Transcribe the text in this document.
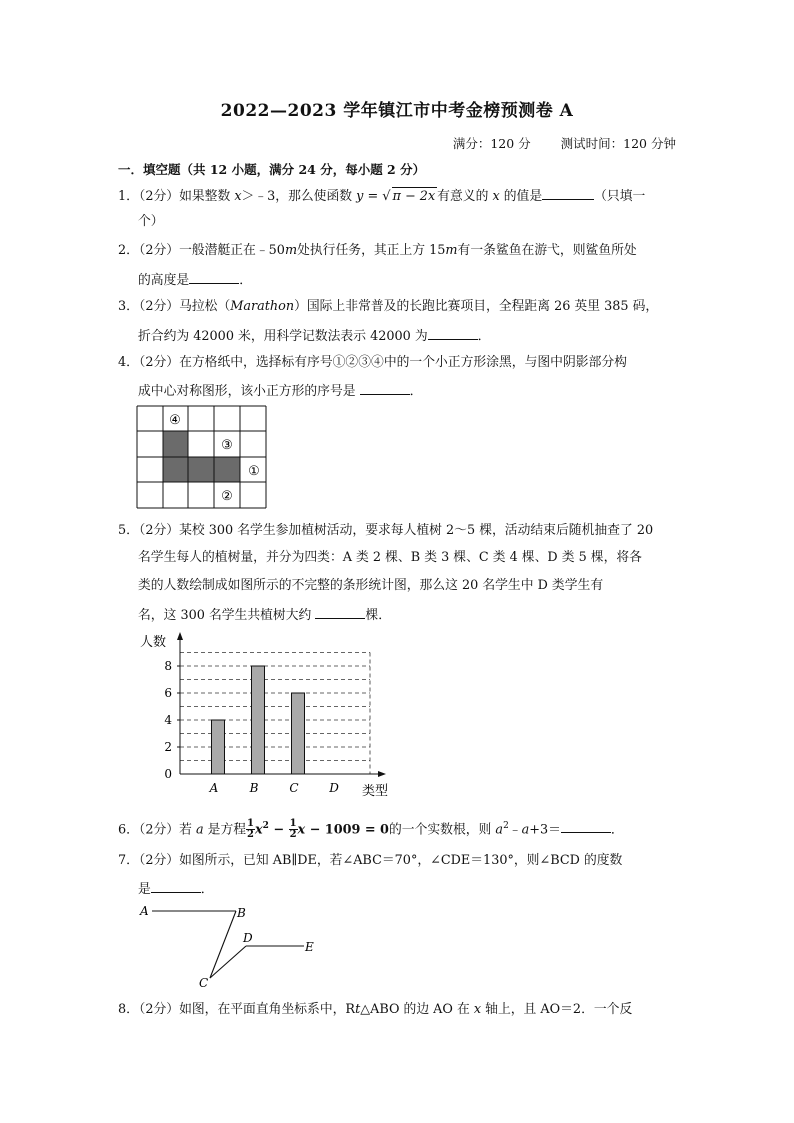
2022—2023 学年镇江市中考金榜预测卷 A
满分：120 分 测试时间：120 分钟
一．填空题（共 12 小题，满分 24 分，每小题 2 分）
1．（2分）如果整数 x＞﹣3，那么使函数 y = √ π − 2x 有意义的 x 的值是	（只填一
个）
2．（2分）一般潜艇正在﹣50m处执行任务，其正上方 15m有一条鲨鱼在游弋，则鲨鱼所处
的高度是	．
3．（2分）马拉松（Marathon）国际上非常普及的长跑比赛项目，全程距离 26 英里 385 码，
折合约为 42000 米，用科学记数法表示 42000 为	．
4．（2分）在方格纸中，选择标有序号①②③④中的一个小正方形涂黑，与图中阴影部分构
成中心对称图形，该小正方形的序号是	．
④
③
①
②
5．（2分）某校 300 名学生参加植树活动，要求每人植树 2～5 棵，活动结束后随机抽查了 20
名学生每人的植树量，并分为四类：A 类 2 棵、B 类 3 棵、C 类 4 棵、D 类 5 棵，将各
类的人数绘制成如图所示的不完整的条形统计图，那么这 20 名学生中 D 类学生有
名，这 300 名学生共植树大约	棵．
人数
类型
0
2
4
6
8
A	B	C	D
6．（2分）若 a 是方程 $\frac{1}{2} x^2 - \frac{1}{2}$ x − 1009 = 0的一个实数根，则 $a^2﹣a+3=$	．
7．（2分）如图所示，已知 AB∥DE，若∠ABC＝70°，∠CDE＝130°，则∠BCD 的度数
是	．
A	B
D
E
C
8．（2分）如图，在平面直角坐标系中，Rt△ABO 的边 AO 在 x 轴上，且 AO＝2．一个反
